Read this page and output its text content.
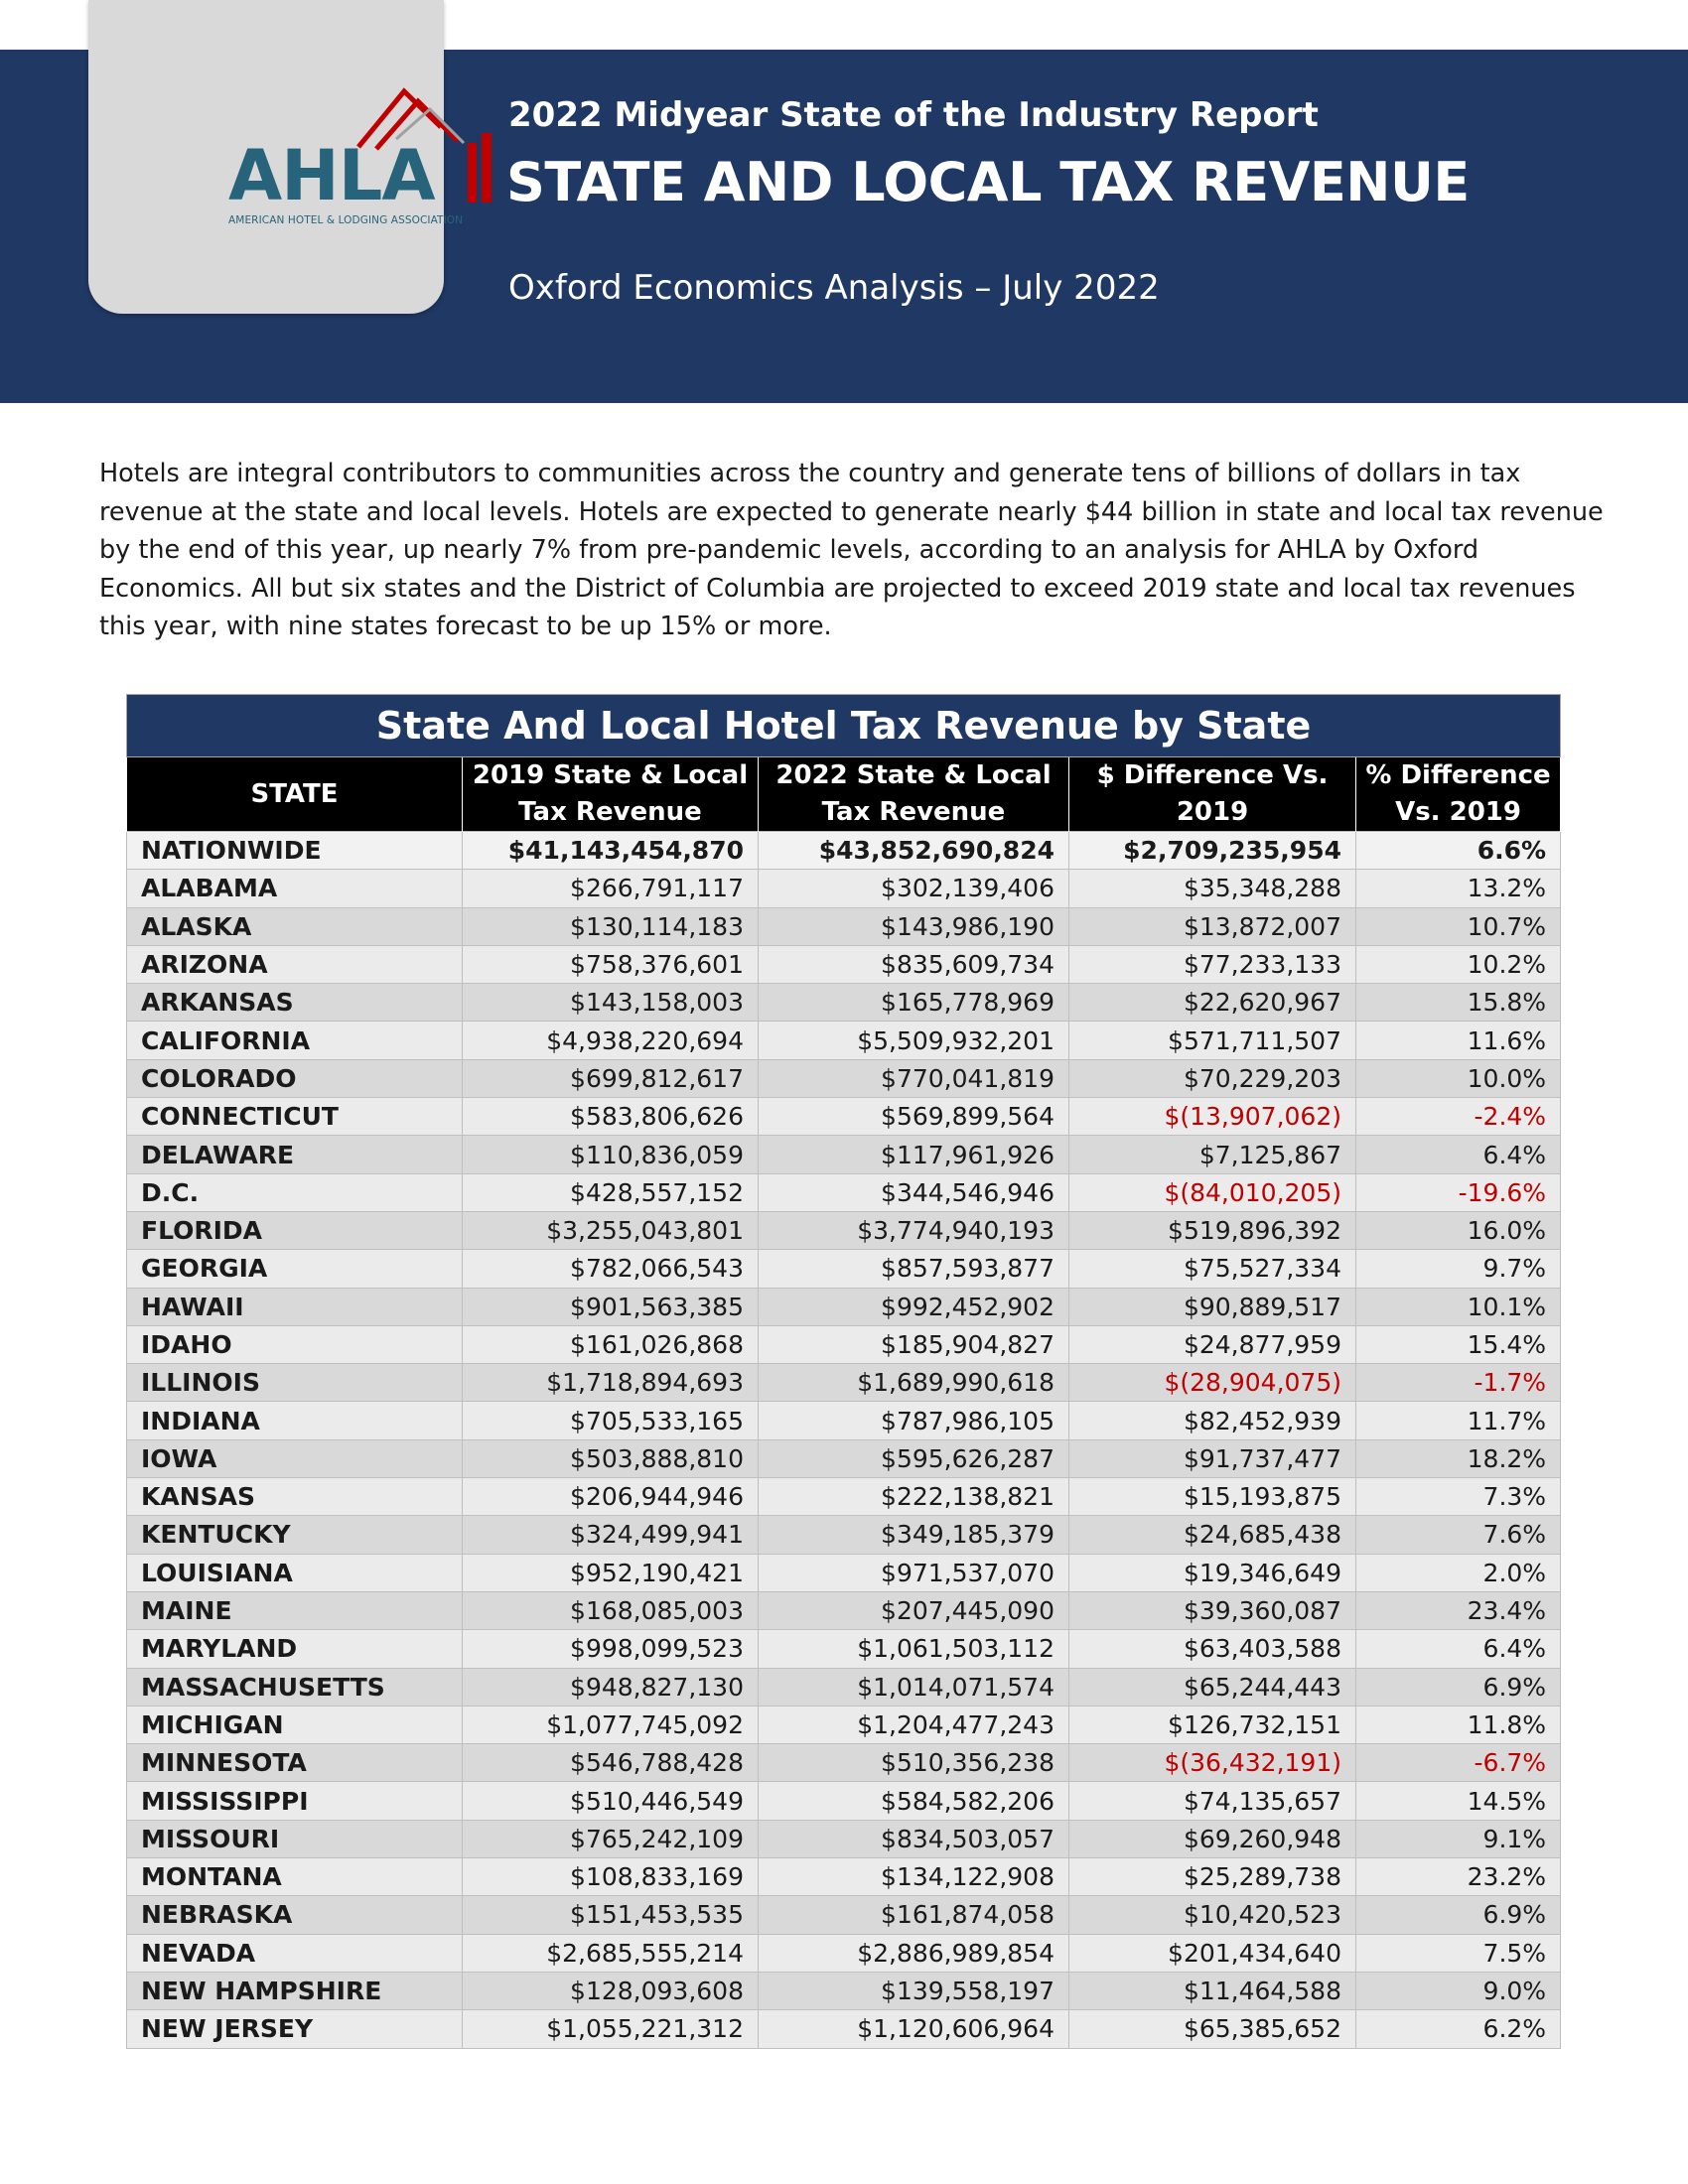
AHLA
AMERICAN HOTEL & LODGING ASSOCIATION
2022 Midyear State of the Industry Report
STATE AND LOCAL TAX REVENUE
Oxford Economics Analysis – July 2022

Hotels are integral contributors to communities across the country and generate tens of billions of dollars in tax revenue at the state and local levels. Hotels are expected to generate nearly $44 billion in state and local tax revenue by the end of this year, up nearly 7% from pre-pandemic levels, according to an analysis for AHLA by Oxford Economics. All but six states and the District of Columbia are projected to exceed 2019 state and local tax revenues this year, with nine states forecast to be up 15% or more.

State And Local Hotel Tax Revenue by State				
STATE	2019 State & Local Tax Revenue	2022 State & Local Tax Revenue	$ Difference Vs. 2019	% Difference Vs. 2019
NATIONWIDE	$41,143,454,870	$43,852,690,824	$2,709,235,954	6.6%
ALABAMA	$266,791,117	$302,139,406	$35,348,288	13.2%
ALASKA	$130,114,183	$143,986,190	$13,872,007	10.7%
ARIZONA	$758,376,601	$835,609,734	$77,233,133	10.2%
ARKANSAS	$143,158,003	$165,778,969	$22,620,967	15.8%
CALIFORNIA	$4,938,220,694	$5,509,932,201	$571,711,507	11.6%
COLORADO	$699,812,617	$770,041,819	$70,229,203	10.0%
CONNECTICUT	$583,806,626	$569,899,564	$(13,907,062)	-2.4%
DELAWARE	$110,836,059	$117,961,926	$7,125,867	6.4%
D.C.	$428,557,152	$344,546,946	$(84,010,205)	-19.6%
FLORIDA	$3,255,043,801	$3,774,940,193	$519,896,392	16.0%
GEORGIA	$782,066,543	$857,593,877	$75,527,334	9.7%
HAWAII	$901,563,385	$992,452,902	$90,889,517	10.1%
IDAHO	$161,026,868	$185,904,827	$24,877,959	15.4%
ILLINOIS	$1,718,894,693	$1,689,990,618	$(28,904,075)	-1.7%
INDIANA	$705,533,165	$787,986,105	$82,452,939	11.7%
IOWA	$503,888,810	$595,626,287	$91,737,477	18.2%
KANSAS	$206,944,946	$222,138,821	$15,193,875	7.3%
KENTUCKY	$324,499,941	$349,185,379	$24,685,438	7.6%
LOUISIANA	$952,190,421	$971,537,070	$19,346,649	2.0%
MAINE	$168,085,003	$207,445,090	$39,360,087	23.4%
MARYLAND	$998,099,523	$1,061,503,112	$63,403,588	6.4%
MASSACHUSETTS	$948,827,130	$1,014,071,574	$65,244,443	6.9%
MICHIGAN	$1,077,745,092	$1,204,477,243	$126,732,151	11.8%
MINNESOTA	$546,788,428	$510,356,238	$(36,432,191)	-6.7%
MISSISSIPPI	$510,446,549	$584,582,206	$74,135,657	14.5%
MISSOURI	$765,242,109	$834,503,057	$69,260,948	9.1%
MONTANA	$108,833,169	$134,122,908	$25,289,738	23.2%
NEBRASKA	$151,453,535	$161,874,058	$10,420,523	6.9%
NEVADA	$2,685,555,214	$2,886,989,854	$201,434,640	7.5%
NEW HAMPSHIRE	$128,093,608	$139,558,197	$11,464,588	9.0%
NEW JERSEY	$1,055,221,312	$1,120,606,964	$65,385,652	6.2%
